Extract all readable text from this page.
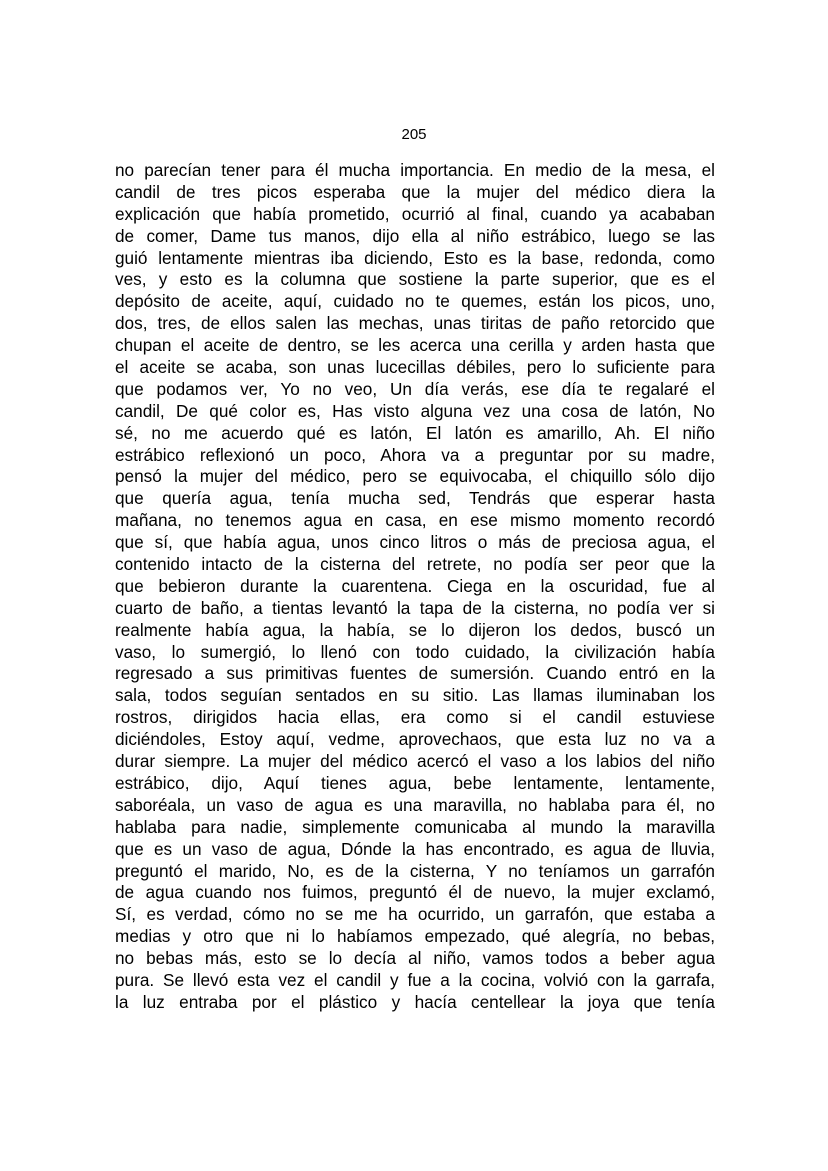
205
no parecían tener para él mucha importancia. En medio de la mesa, el
candil de tres picos esperaba que la mujer del médico diera la
explicación que había prometido, ocurrió al final, cuando ya acababan
de comer, Dame tus manos, dijo ella al niño estrábico, luego se las
guió lentamente mientras iba diciendo, Esto es la base, redonda, como
ves, y esto es la columna que sostiene la parte superior, que es el
depósito de aceite, aquí, cuidado no te quemes, están los picos, uno,
dos, tres, de ellos salen las mechas, unas tiritas de paño retorcido que
chupan el aceite de dentro, se les acerca una cerilla y arden hasta que
el aceite se acaba, son unas lucecillas débiles, pero lo suficiente para
que podamos ver, Yo no veo, Un día verás, ese día te regalaré el
candil, De qué color es, Has visto alguna vez una cosa de latón, No
sé, no me acuerdo qué es latón, El latón es amarillo, Ah. El niño
estrábico reflexionó un poco, Ahora va a preguntar por su madre,
pensó la mujer del médico, pero se equivocaba, el chiquillo sólo dijo
que quería agua, tenía mucha sed, Tendrás que esperar hasta
mañana, no tenemos agua en casa, en ese mismo momento recordó
que sí, que había agua, unos cinco litros o más de preciosa agua, el
contenido intacto de la cisterna del retrete, no podía ser peor que la
que bebieron durante la cuarentena. Ciega en la oscuridad, fue al
cuarto de baño, a tientas levantó la tapa de la cisterna, no podía ver si
realmente había agua, la había, se lo dijeron los dedos, buscó un
vaso, lo sumergió, lo llenó con todo cuidado, la civilización había
regresado a sus primitivas fuentes de sumersión. Cuando entró en la
sala, todos seguían sentados en su sitio. Las llamas iluminaban los
rostros, dirigidos hacia ellas, era como si el candil estuviese
diciéndoles, Estoy aquí, vedme, aprovechaos, que esta luz no va a
durar siempre. La mujer del médico acercó el vaso a los labios del niño
estrábico, dijo, Aquí tienes agua, bebe lentamente, lentamente,
saboréala, un vaso de agua es una maravilla, no hablaba para él, no
hablaba para nadie, simplemente comunicaba al mundo la maravilla
que es un vaso de agua, Dónde la has encontrado, es agua de lluvia,
preguntó el marido, No, es de la cisterna, Y no teníamos un garrafón
de agua cuando nos fuimos, preguntó él de nuevo, la mujer exclamó,
Sí, es verdad, cómo no se me ha ocurrido, un garrafón, que estaba a
medias y otro que ni lo habíamos empezado, qué alegría, no bebas,
no bebas más, esto se lo decía al niño, vamos todos a beber agua
pura. Se llevó esta vez el candil y fue a la cocina, volvió con la garrafa,
la luz entraba por el plástico y hacía centellear la joya que tenía
